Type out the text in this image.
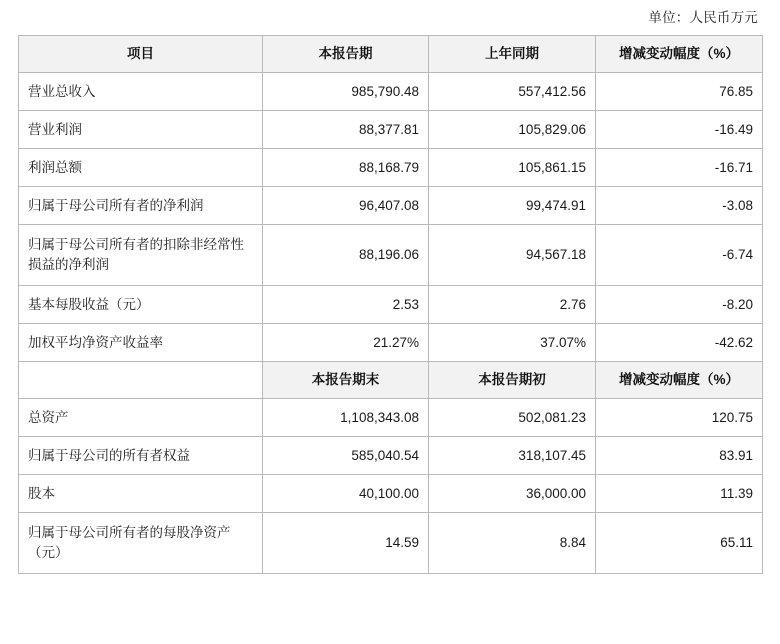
单位：人民币万元
项目	本报告期	上年同期	增减变动幅度（%）
营业总收入	985,790.48	557,412.56	76.85
营业利润	88,377.81	105,829.06	-16.49
利润总额	88,168.79	105,861.15	-16.71
归属于母公司所有者的净利润	96,407.08	99,474.91	-3.08
归属于母公司所有者的扣除非经常性损益的净利润	88,196.06	94,567.18	-6.74
基本每股收益（元）	2.53	2.76	-8.20
加权平均净资产收益率	21.27%	37.07%	-42.62
	本报告期末	本报告期初	增减变动幅度（%）
总资产	1,108,343.08	502,081.23	120.75
归属于母公司的所有者权益	585,040.54	318,107.45	83.91
股本	40,100.00	36,000.00	11.39
归属于母公司所有者的每股净资产（元）	14.59	8.84	65.11
